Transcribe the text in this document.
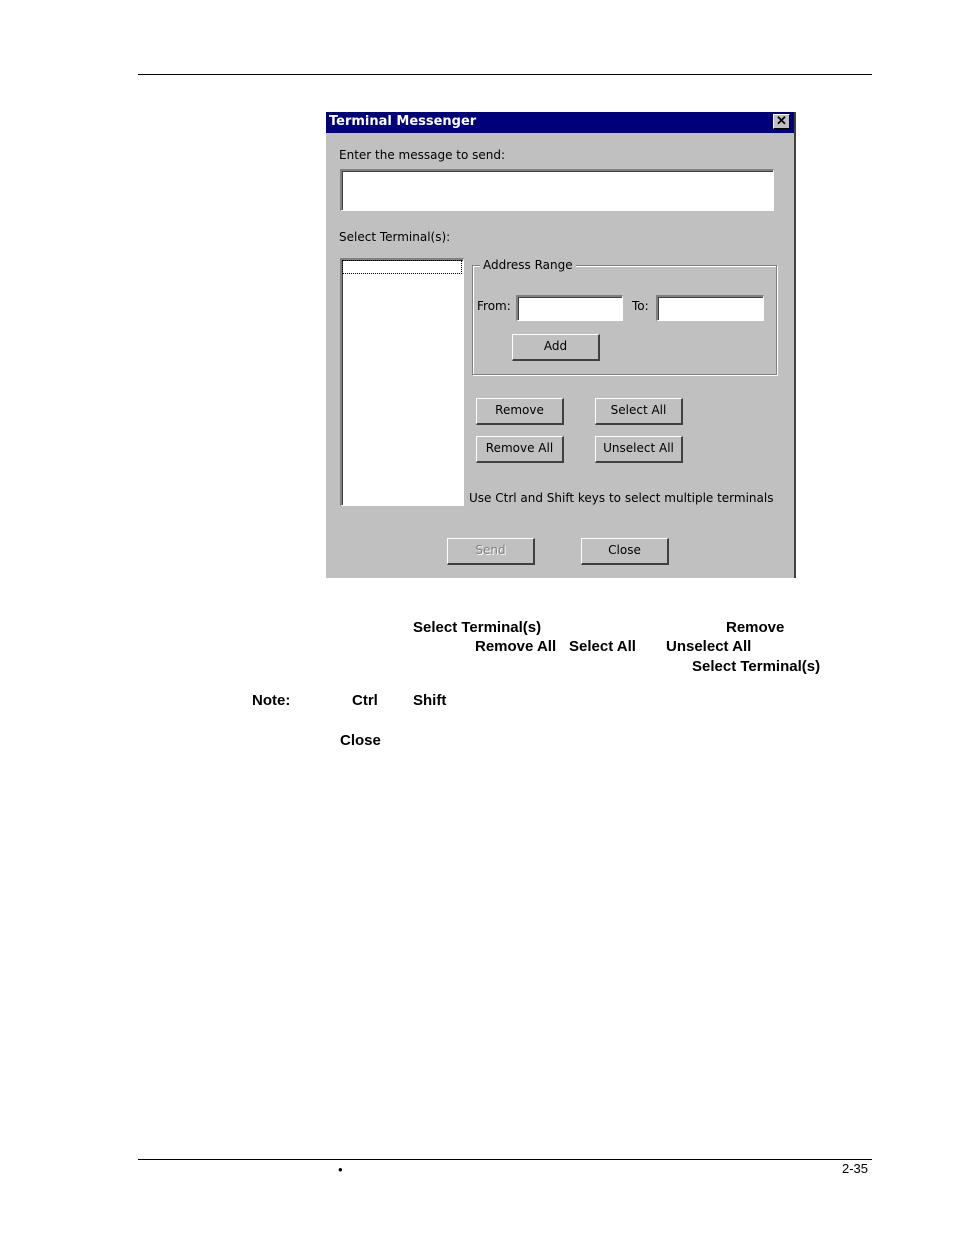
Terminal Messenger	✕
Enter the message to send:
Select Terminal(s):
Address Range
From:	To:
Add
Remove	Select All
Remove All	Unselect All
Use Ctrl and Shift keys to select multiple terminals
Send	Close
Select Terminal(s)	Remove
Remove All Select All Unselect All
Select Terminal(s)
Note:	Ctrl Shift
Close
•	2-35
